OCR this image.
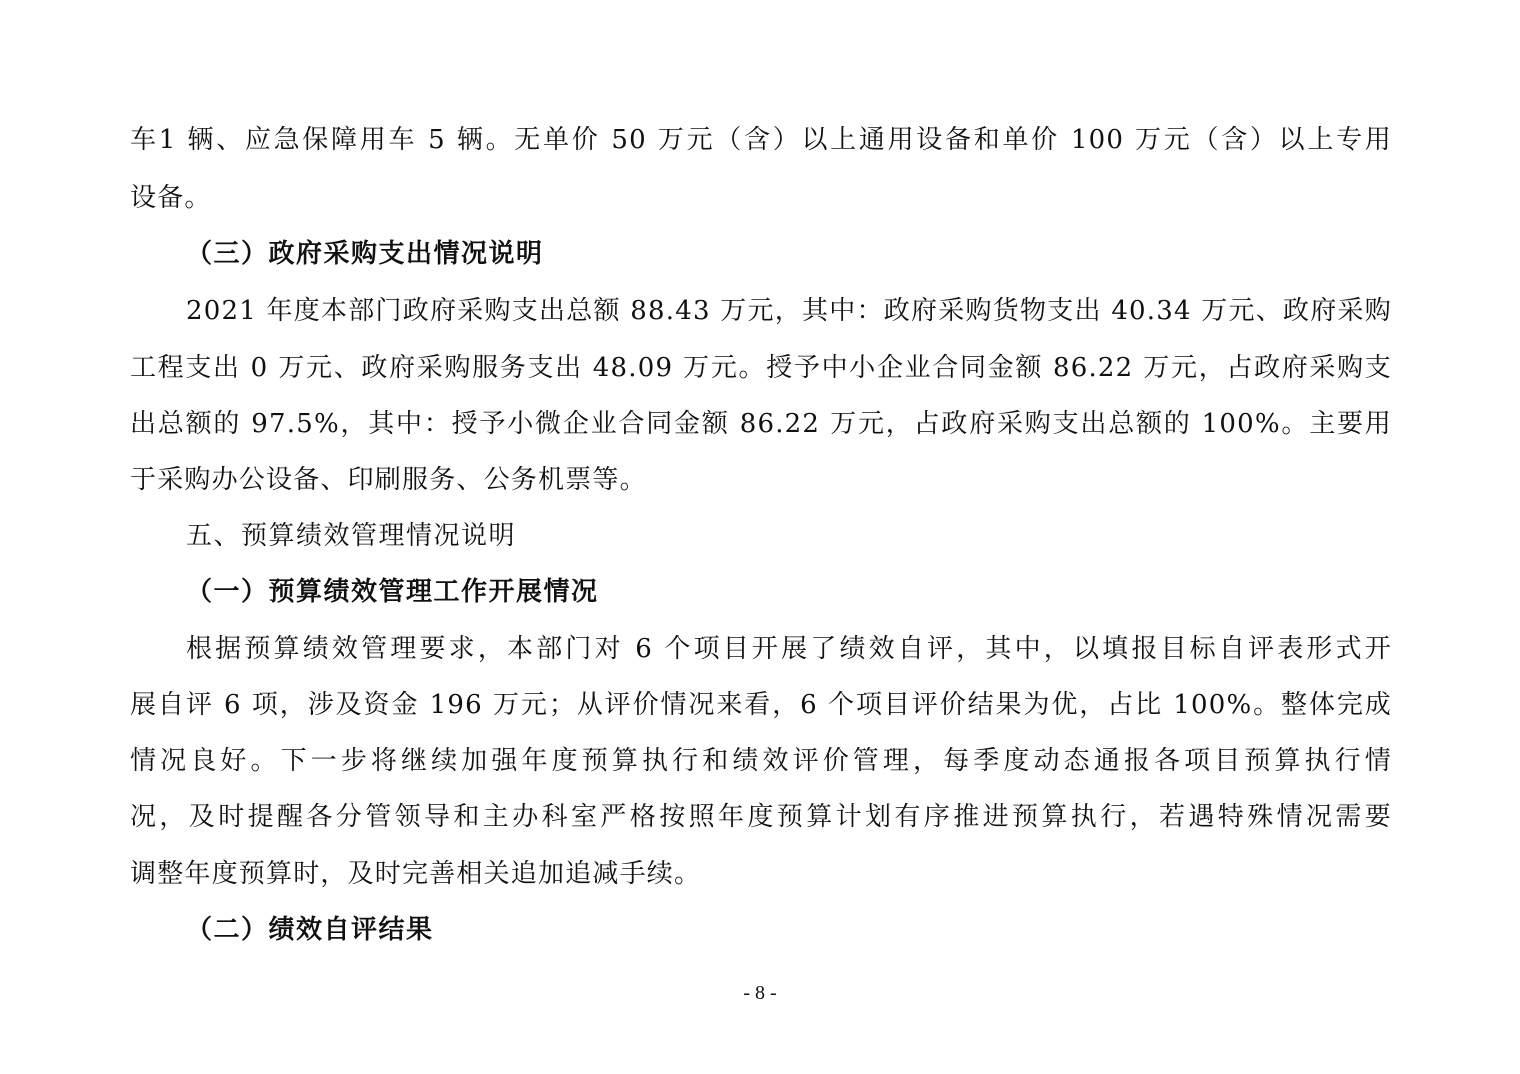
车1 辆、应急保障用车 5 辆。无单价 50 万元（含）以上通用设备和单价 100 万元（含）以上专用
设备。
（三）政府采购支出情况说明
2021 年度本部门政府采购支出总额 88.43 万元，其中：政府采购货物支出 40.34 万元、政府采购
工程支出 0 万元、政府采购服务支出 48.09 万元。授予中小企业合同金额 86.22 万元，占政府采购支
出总额的 97.5%，其中：授予小微企业合同金额 86.22 万元，占政府采购支出总额的 100%。主要用
于采购办公设备、印刷服务、公务机票等。
五、预算绩效管理情况说明
（一）预算绩效管理工作开展情况
根据预算绩效管理要求，本部门对 6 个项目开展了绩效自评，其中，以填报目标自评表形式开
展自评 6 项，涉及资金 196 万元；从评价情况来看，6 个项目评价结果为优，占比 100%。整体完成
情况良好。下一步将继续加强年度预算执行和绩效评价管理，每季度动态通报各项目预算执行情
况，及时提醒各分管领导和主办科室严格按照年度预算计划有序推进预算执行，若遇特殊情况需要
调整年度预算时，及时完善相关追加追减手续。
（二）绩效自评结果
- 8 -
